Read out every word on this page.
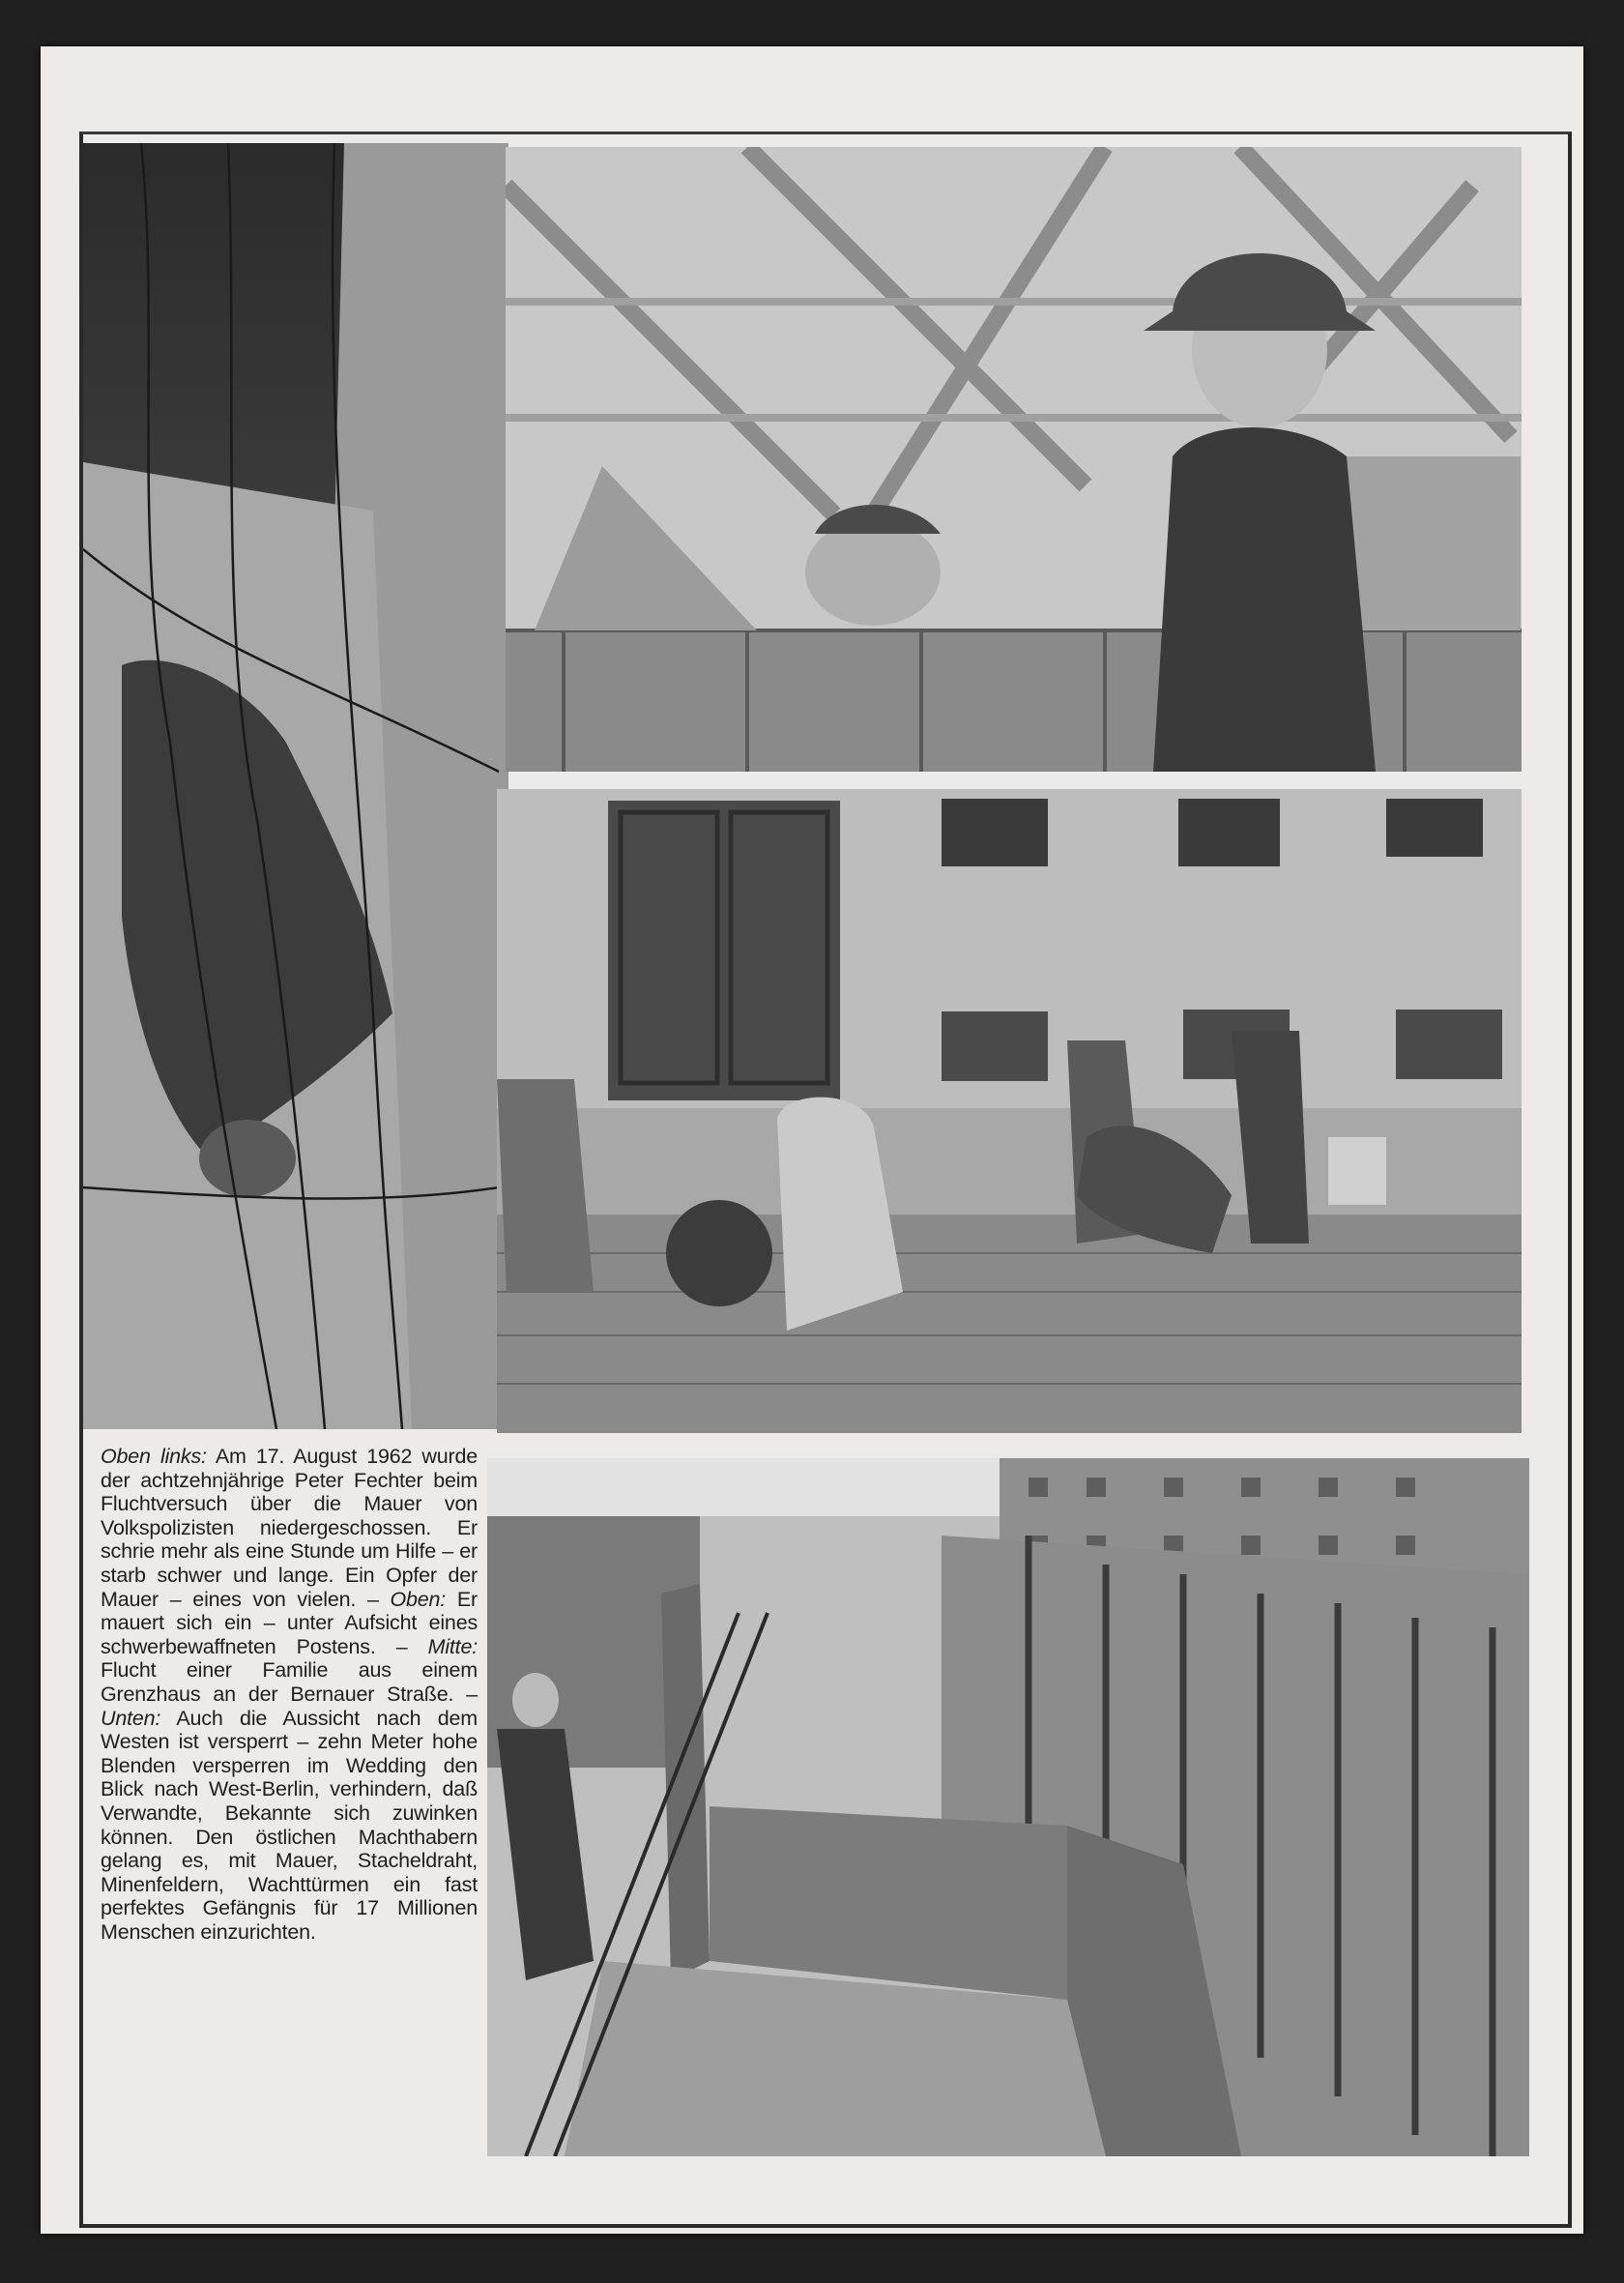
Oben links: Am 17. August 1962 wurde der achtzehnjährige Peter Fechter beim Fluchtversuch über die Mauer von Volkspolizisten niedergeschossen. Er schrie mehr als eine Stunde um Hilfe – er starb schwer und lange. Ein Opfer der Mauer – eines von vielen. – Oben: Er mauert sich ein – unter Aufsicht eines schwerbewaffneten Postens. – Mitte: Flucht einer Familie aus einem Grenzhaus an der Bernauer Straße. – Unten: Auch die Aussicht nach dem Westen ist versperrt – zehn Meter hohe Blenden versperren im Wedding den Blick nach West-Berlin, verhindern, daß Verwandte, Bekannte sich zuwinken können. Den östlichen Machthabern gelang es, mit Mauer, Stacheldraht, Minenfeldern, Wachttürmen ein fast perfektes Gefängnis für 17 Millionen Menschen einzurichten.
